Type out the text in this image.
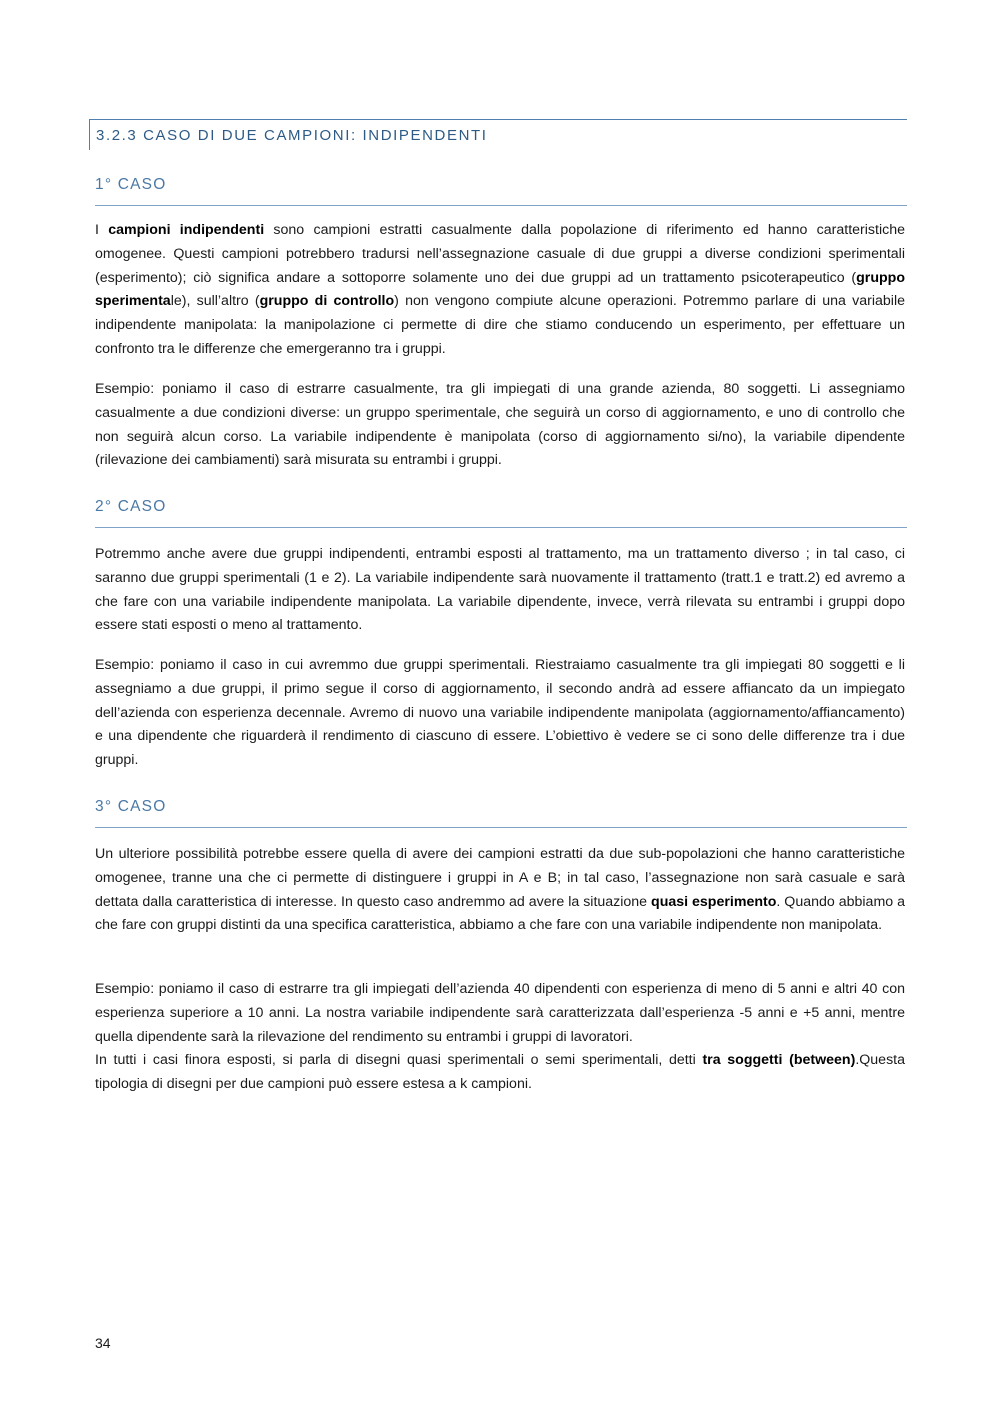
3.2.3 CASO DI DUE CAMPIONI: INDIPENDENTI
1° CASO

I campioni indipendenti sono campioni estratti casualmente dalla popolazione di riferimento ed hanno caratteristiche omogenee. Questi campioni potrebbero tradursi nell’assegnazione casuale di due gruppi a diverse condizioni sperimentali (esperimento); ciò significa andare a sottoporre solamente uno dei due gruppi ad un trattamento psicoterapeutico (gruppo sperimentale), sull’altro (gruppo di controllo) non vengono compiute alcune operazioni. Potremmo parlare di una variabile indipendente manipolata: la manipolazione ci permette di dire che stiamo conducendo un esperimento, per effettuare un confronto tra le differenze che emergeranno tra i gruppi.

Esempio: poniamo il caso di estrarre casualmente, tra gli impiegati di una grande azienda, 80 soggetti. Li assegniamo casualmente a due condizioni diverse: un gruppo sperimentale, che seguirà un corso di aggiornamento, e uno di controllo che non seguirà alcun corso. La variabile indipendente è manipolata (corso di aggiornamento si/no), la variabile dipendente (rilevazione dei cambiamenti) sarà misurata su entrambi i gruppi.

2° CASO

Potremmo anche avere due gruppi indipendenti, entrambi esposti al trattamento, ma un trattamento diverso ; in tal caso, ci saranno due gruppi sperimentali (1 e 2). La variabile indipendente sarà nuovamente il trattamento (tratt.1 e tratt.2) ed avremo a che fare con una variabile indipendente manipolata. La variabile dipendente, invece, verrà rilevata su entrambi i gruppi dopo essere stati esposti o meno al trattamento.

Esempio: poniamo il caso in cui avremmo due gruppi sperimentali. Riestraiamo casualmente tra gli impiegati 80 soggetti e li assegniamo a due gruppi, il primo segue il corso di aggiornamento, il secondo andrà ad essere affiancato da un impiegato dell’azienda con esperienza decennale. Avremo di nuovo una variabile indipendente manipolata (aggiornamento/affiancamento) e una dipendente che riguarderà il rendimento di ciascuno di essere. L’obiettivo è vedere se ci sono delle differenze tra i due gruppi.

3° CASO

Un ulteriore possibilità potrebbe essere quella di avere dei campioni estratti da due sub-popolazioni che hanno caratteristiche omogenee, tranne una che ci permette di distinguere i gruppi in A e B; in tal caso, l’assegnazione non sarà casuale e sarà dettata dalla caratteristica di interesse. In questo caso andremmo ad avere la situazione quasi esperimento. Quando abbiamo a che fare con gruppi distinti da una specifica caratteristica, abbiamo a che fare con una variabile indipendente non manipolata.

Esempio: poniamo il caso di estrarre tra gli impiegati dell’azienda 40 dipendenti con esperienza di meno di 5 anni e altri 40 con esperienza superiore a 10 anni. La nostra variabile indipendente sarà caratterizzata dall’esperienza -5 anni e +5 anni, mentre quella dipendente sarà la rilevazione del rendimento su entrambi i gruppi di lavoratori.
In tutti i casi finora esposti, si parla di disegni quasi sperimentali o semi sperimentali, detti tra soggetti (between).Questa tipologia di disegni per due campioni può essere estesa a k campioni.

34
